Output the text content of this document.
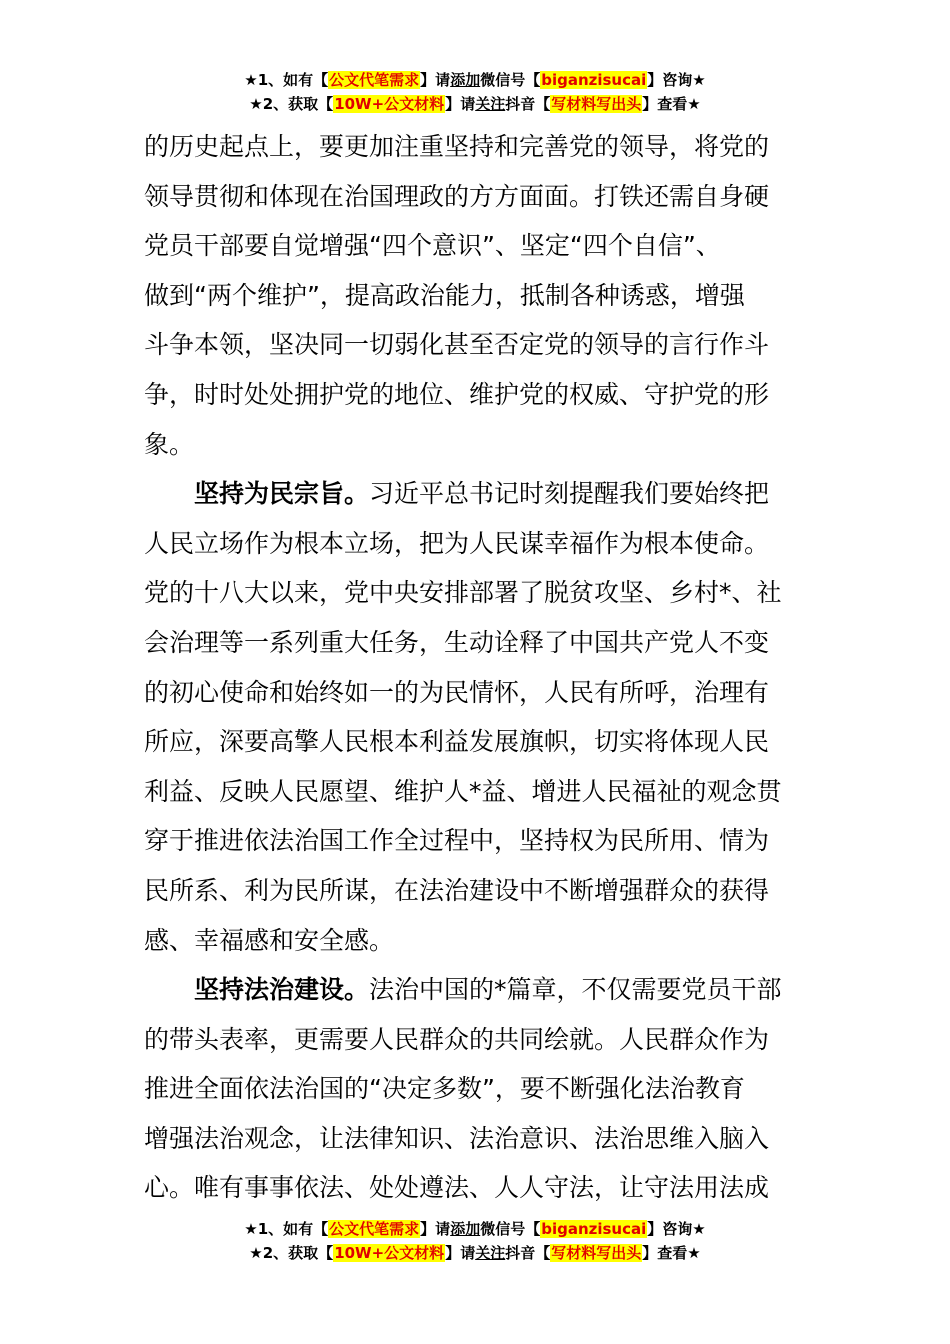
★1、如有【公文代笔需求】请添加微信号【biganzisucai】咨询★
★2、获取【10W+公文材料】请关注抖音【写材料写出头】查看★

的历史起点上，要更加注重坚持和完善党的领导，将党的
领导贯彻和体现在治国理政的方方面面。打铁还需自身硬
党员干部要自觉增强“四个意识”、坚定“四个自信”、
做到“两个维护”，提高政治能力，抵制各种诱惑，增强
斗争本领，坚决同一切弱化甚至否定党的领导的言行作斗
争，时时处处拥护党的地位、维护党的权威、守护党的形
象。

坚持为民宗旨。习近平总书记时刻提醒我们要始终把
人民立场作为根本立场，把为人民谋幸福作为根本使命。
党的十八大以来，党中央安排部署了脱贫攻坚、乡村*、社
会治理等一系列重大任务，生动诠释了中国共产党人不变
的初心使命和始终如一的为民情怀，人民有所呼，治理有
所应，深要高擎人民根本利益发展旗帜，切实将体现人民
利益、反映人民愿望、维护人*益、增进人民福祉的观念贯
穿于推进依法治国工作全过程中，坚持权为民所用、情为
民所系、利为民所谋，在法治建设中不断增强群众的获得
感、幸福感和安全感。

坚持法治建设。法治中国的*篇章，不仅需要党员干部
的带头表率，更需要人民群众的共同绘就。人民群众作为
推进全面依法治国的“决定多数”，要不断强化法治教育
增强法治观念，让法律知识、法治意识、法治思维入脑入
心。唯有事事依法、处处遵法、人人守法，让守法用法成

★1、如有【公文代笔需求】请添加微信号【biganzisucai】咨询★
★2、获取【10W+公文材料】请关注抖音【写材料写出头】查看★
